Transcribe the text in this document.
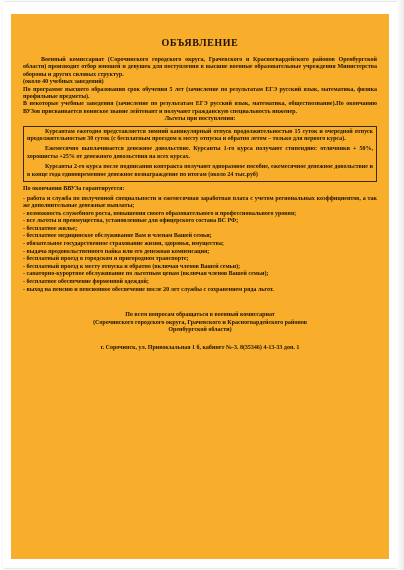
ОБЪЯВЛЕНИЕ
Военный комиссариат (Сорочинского городского округа, Грачевского и Красногвардейского районов Оренбургской области) производит отбор юношей и девушек для поступления в высшие военные образовательные учреждения Министерства обороны и других силовых структур.
(около 40 учебных заведений)
По программе высшего образования срок обучения 5 лет (зачисление по результатам ЕГЭ русский язык, математика, физика профильные предметы).
В некоторые учебные заведения (зачисление по результатам ЕГЭ русский язык, математика, обществознание).По окончанию ВУЗов присваивается воинское звание лейтенант и получают гражданскую специальность инженер.
Льготы при поступлении:
Курсантам ежегодно представляется зимний каникулярный отпуск продолжительностью 15 суток и очередной отпуск продолжительностью 30 суток (с бесплатным проездом к месту отпуска и обратно летом – только для первого курса).
Ежемесячно выплачивается денежное довольствие. Курсанты 1-го курса получают стипендию: отличники + 50%, хорошисты +25% от денежного довольствия на всех курсах.
Курсанты 2-го курса после подписания контракта получают одноразовое пособие, ежемесячное денежное довольствие и в конце года единовременное денежное вознаграждение по итогам (около 24 тыс.руб)
По окончании ВВУЗа гарантируется:
- работа и служба по полученной специальности и ежемесячная заработная плата с учетом региональных коэффициентов, а так же дополнительные денежные выплаты;
- возможность служебного роста, повышения своего образовательного и профессионального уровня;
- все льготы и преимущества, установленные для офицерского состава ВС РФ;
- бесплатное жилье;
- бесплатное медицинское обслуживание Вам и членам Вашей семьи;
- обязательное государственное страхование жизни, здоровья, имущества;
- выдача продовольственного пайка или его денежная компенсация;
- бесплатный проезд в городском и пригородном транспорте;
- бесплатный проезд к месту отпуска и обратно (включая членов Вашей семьи);
- санаторно-курортное обслуживание по льготным ценам (включая членов Вашей семьи);
- бесплатное обеспечение форменной одеждой;
- выход на пенсию и пенсионное обеспечение после 20 лет службы с сохранением ряда льгот.
По всем вопросам обращаться в военный комиссариат
(Сорочинского городского округа, Грачевского и Красногвардейского районов
Оренбургской области)
г. Сорочинск, ул. Привокзальная 1 б, кабинет №-3. 8(35346) 4-13-33 доп. 1
